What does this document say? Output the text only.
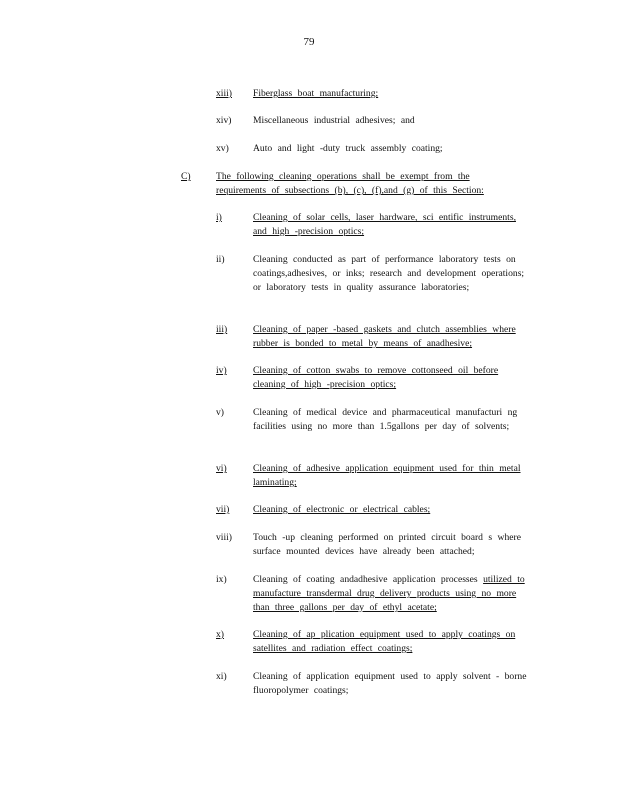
79
xiii)	Fiberglass boat manufacturing;
xiv)	Miscellaneous industrial adhesives; and
xv)	Auto and light -duty truck assembly coating;
C)	The following cleaning operations shall be exempt from the requirements of subsections (b), (c), (f),and (g) of this Section:
i)	Cleaning of solar cells, laser hardware, sci entific instruments, and high -precision optics;
ii)	Cleaning conducted as part of performance laboratory tests on coatings,adhesives, or inks; research and development operations; or laboratory tests in quality assurance laboratories;
iii)	Cleaning of paper -based gaskets and clutch assemblies where rubber is bonded to metal by means of anadhesive;
iv)	Cleaning of cotton swabs to remove cottonseed oil before cleaning of high -precision optics;
v)	Cleaning of medical device and pharmaceutical manufacturi ng facilities using no more than 1.5gallons per day of solvents;
vi)	Cleaning of adhesive application equipment used for thin metal laminating;
vii)	Cleaning of electronic or electrical cables;
viii)	Touch -up cleaning performed on printed circuit board s where surface mounted devices have already been attached;
ix)	Cleaning of coating andadhesive application processes utilized to manufacture transdermal drug delivery products using no more than three gallons per day of ethyl acetate;
x)	Cleaning of ap plication equipment used to apply coatings on satellites and radiation effect coatings;
xi)	Cleaning of application equipment used to apply solvent - borne fluoropolymer coatings;
